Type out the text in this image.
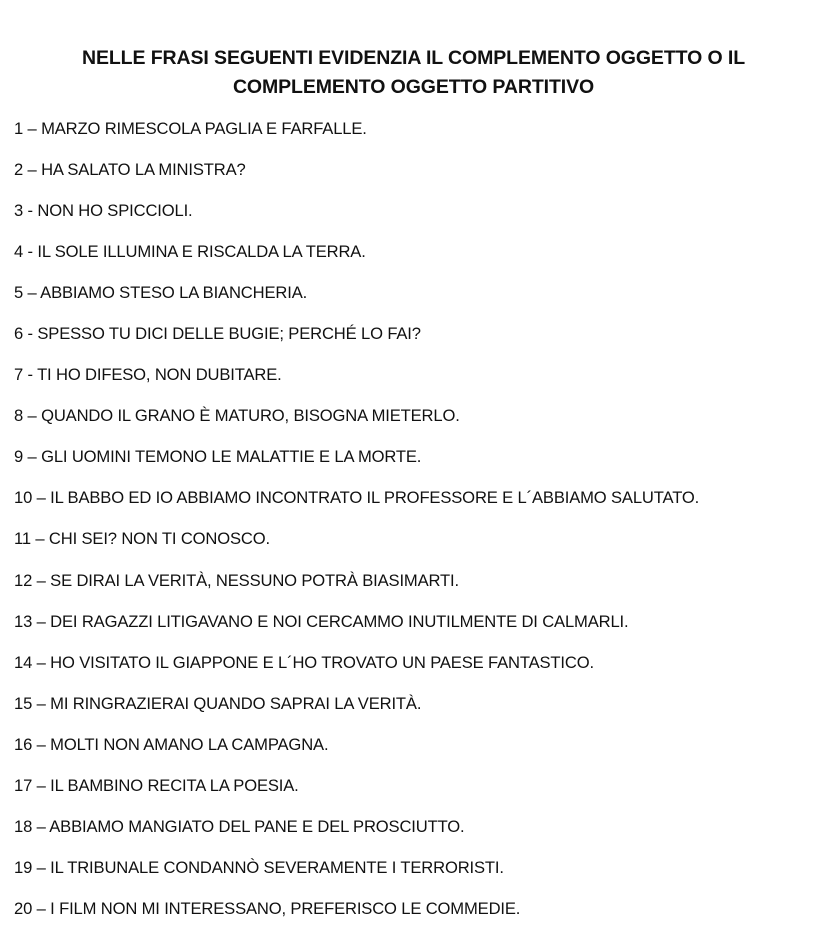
NELLE FRASI SEGUENTI EVIDENZIA IL COMPLEMENTO OGGETTO O IL
COMPLEMENTO OGGETTO PARTITIVO
1 – MARZO RIMESCOLA PAGLIA E FARFALLE.
2 – HA SALATO LA MINISTRA?
3 - NON HO SPICCIOLI.
4 - IL SOLE ILLUMINA E RISCALDA LA TERRA.
5 – ABBIAMO STESO LA BIANCHERIA.
6 - SPESSO TU DICI DELLE BUGIE; PERCHÉ LO FAI?
7 - TI HO DIFESO, NON DUBITARE.
8 – QUANDO IL GRANO È MATURO, BISOGNA MIETERLO.
9 – GLI UOMINI TEMONO LE MALATTIE E LA MORTE.
10 – IL BABBO ED IO ABBIAMO INCONTRATO IL PROFESSORE E L´ABBIAMO SALUTATO.
11 – CHI SEI? NON TI CONOSCO.
12 – SE DIRAI LA VERITÀ, NESSUNO POTRÀ BIASIMARTI.
13 – DEI RAGAZZI LITIGAVANO E NOI CERCAMMO INUTILMENTE DI CALMARLI.
14 – HO VISITATO IL GIAPPONE E L´HO TROVATO UN PAESE FANTASTICO.
15 – MI RINGRAZIERAI QUANDO SAPRAI LA VERITÀ.
16 – MOLTI NON AMANO LA CAMPAGNA.
17 – IL BAMBINO RECITA LA POESIA.
18 – ABBIAMO MANGIATO DEL PANE E DEL PROSCIUTTO.
19 – IL TRIBUNALE CONDANNÒ SEVERAMENTE I TERRORISTI.
20 – I FILM NON MI INTERESSANO, PREFERISCO LE COMMEDIE.
